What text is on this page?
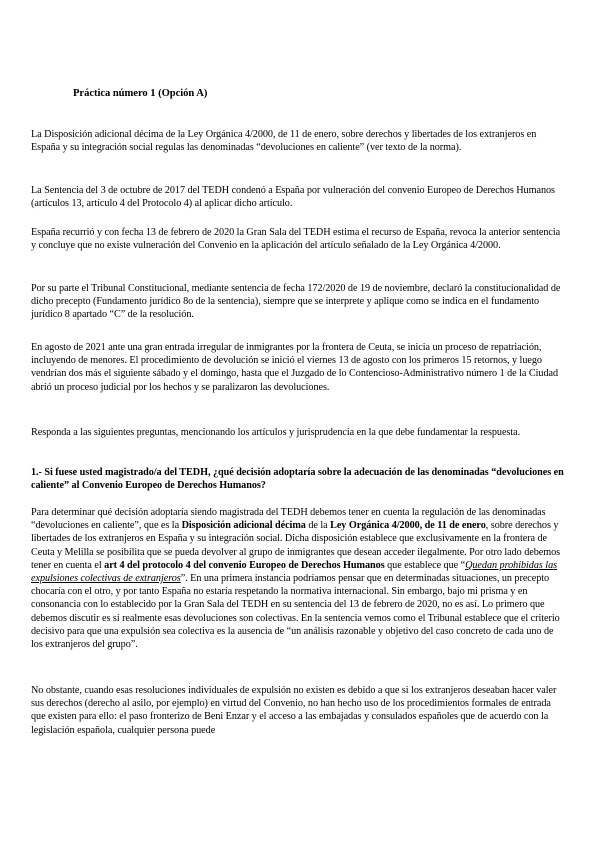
Práctica número 1 (Opción A)

La Disposición adicional décima de la Ley Orgánica 4/2000, de 11 de enero, sobre derechos y libertades de los extranjeros en España y su integración social regulas las denominadas “devoluciones en caliente” (ver texto de la norma).

La Sentencia del 3 de octubre de 2017 del TEDH condenó a España por vulneración del convenio Europeo de Derechos Humanos (artículos 13, artículo 4 del Protocolo 4) al aplicar dicho artículo.

España recurrió y con fecha 13 de febrero de 2020 la Gran Sala del TEDH estima el recurso de España, revoca la anterior sentencia y concluye que no existe vulneración del Convenio en la aplicación del artículo señalado de la Ley Orgánica 4/2000.

Por su parte el Tribunal Constitucional, mediante sentencia de fecha 172/2020 de 19 de noviembre, declaró la constitucionalidad de dicho precepto (Fundamento jurídico 8o de la sentencia), siempre que se interprete y aplique como se indica en el fundamento jurídico 8 apartado “C” de la resolución.

En agosto de 2021 ante una gran entrada irregular de inmigrantes por la frontera de Ceuta, se inicia un proceso de repatriación, incluyendo de menores. El procedimiento de devolución se inició el viernes 13 de agosto con los primeros 15 retornos, y luego vendrían dos más el siguiente sábado y el domingo, hasta que el Juzgado de lo Contencioso-Administrativo número 1 de la Ciudad abrió un proceso judicial por los hechos y se paralizaron las devoluciones.

Responda a las siguientes preguntas, mencionando los artículos y jurisprudencia en la que debe fundamentar la respuesta.

1.- Si fuese usted magistrado/a del TEDH, ¿qué decisión adoptaría sobre la adecuación de las denominadas “devoluciones en caliente” al Convenio Europeo de Derechos Humanos?

Para determinar qué decisión adoptaría siendo magistrada del TEDH debemos tener en cuenta la regulación de las denominadas “devoluciones en caliente”, que es la Disposición adicional décima de la Ley Orgánica 4/2000, de 11 de enero, sobre derechos y libertades de los extranjeros en España y su integración social. Dicha disposición establece que exclusivamente en la frontera de Ceuta y Melilla se posibilita que se pueda devolver al grupo de inmigrantes que desean acceder ilegalmente. Por otro lado debemos tener en cuenta el art 4 del protocolo 4 del convenio Europeo de Derechos Humanos que establece que “Quedan prohibidas las expulsiones colectivas de extranjeros”. En una primera instancia podríamos pensar que en determinadas situaciones, un precepto chocaría con el otro, y por tanto España no estaría respetando la normativa internacional. Sin embargo, bajo mi prisma y en consonancia con lo establecido por la Gran Sala del TEDH en su sentencia del 13 de febrero de 2020, no es así. Lo primero que debemos discutir es si realmente esas devoluciones son colectivas. En la sentencia vemos como el Tribunal establece que el criterio decisivo para que una expulsión sea colectiva es la ausencia de “un análisis razonable y objetivo del caso concreto de cada uno de los extranjeros del grupo”.

No obstante, cuando esas resoluciones individuales de expulsión no existen es debido a que si los extranjeros deseaban hacer valer sus derechos (derecho al asilo, por ejemplo) en virtud del Convenio, no han hecho uso de los procedimientos formales de entrada que existen para ello: el paso fronterizo de Beni Enzar y el acceso a las embajadas y consulados españoles que de acuerdo con la legislación española, cualquier persona puede
